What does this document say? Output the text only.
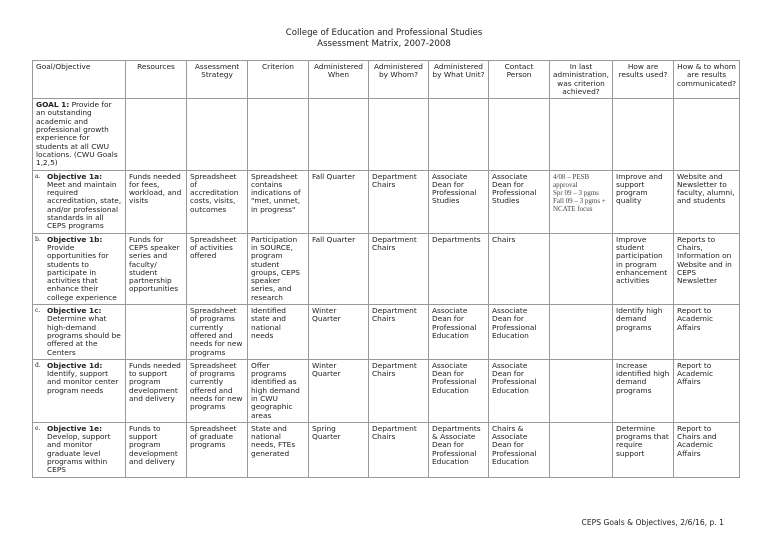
College of Education and Professional Studies
Assessment Matrix, 2007-2008
Goal/Objective	Resources	Assessment Strategy	Criterion	Administered When	Administered by Whom?	Administered by What Unit?	Contact Person	In last administration, was criterion achieved?	How are results used?	How & to whom are results communicated?
GOAL 1: Provide for an outstanding academic and professional growth experience for students at all CWU locations. (CWU Goals 1,2,5)										

a. Objective 1a: Meet and maintain required accreditation, state, and/or professional standards in all CEPS programs	Funds needed for fees, workload, and visits	Spreadsheet of accreditation costs, visits, outcomes	Spreadsheet contains indications of "met, unmet, in progress"	Fall Quarter	Department Chairs	Associate Dean for Professional Studies	Associate Dean for Professional Studies	4/08 – PESB approval
Spr 09 – 3 pgms
Fall 09 – 3 pgms + NCATE focus	Improve and support program quality	Website and Newsletter to faculty, alumni, and students

b. Objective 1b: Provide opportunities for students to participate in activities that enhance their college experience	Funds for CEPS speaker series and faculty/ student partnership opportunities	Spreadsheet of activities offered	Participation in SOURCE, program student groups, CEPS speaker series, and research	Fall Quarter	Department Chairs	Departments	Chairs		Improve student participation in program enhancement activities	Reports to Chairs, Information on Website and in CEPS Newsletter

c. Objective 1c: Determine what high-demand programs should be offered at the Centers		Spreadsheet of programs currently offered and needs for new programs	Identified state and national needs	Winter Quarter	Department Chairs	Associate Dean for Professional Education	Associate Dean for Professional Education		Identify high demand programs	Report to Academic Affairs

d. Objective 1d: Identify, support and monitor center program needs	Funds needed to support program development and delivery	Spreadsheet of programs currently offered and needs for new programs	Offer programs identified as high demand in CWU geographic areas	Winter Quarter	Department Chairs	Associate Dean for Professional Education	Associate Dean for Professional Education		Increase identified high demand programs	Report to Academic Affairs

e. Objective 1e: Develop, support and monitor graduate level programs within CEPS	Funds to support program development and delivery	Spreadsheet of graduate programs	State and national needs, FTEs generated	Spring Quarter	Department Chairs	Departments & Associate Dean for Professional Education	Chairs & Associate Dean for Professional Education		Determine programs that require support	Report to Chairs and Academic Affairs
CEPS Goals & Objectives, 2/6/16, p. 1
